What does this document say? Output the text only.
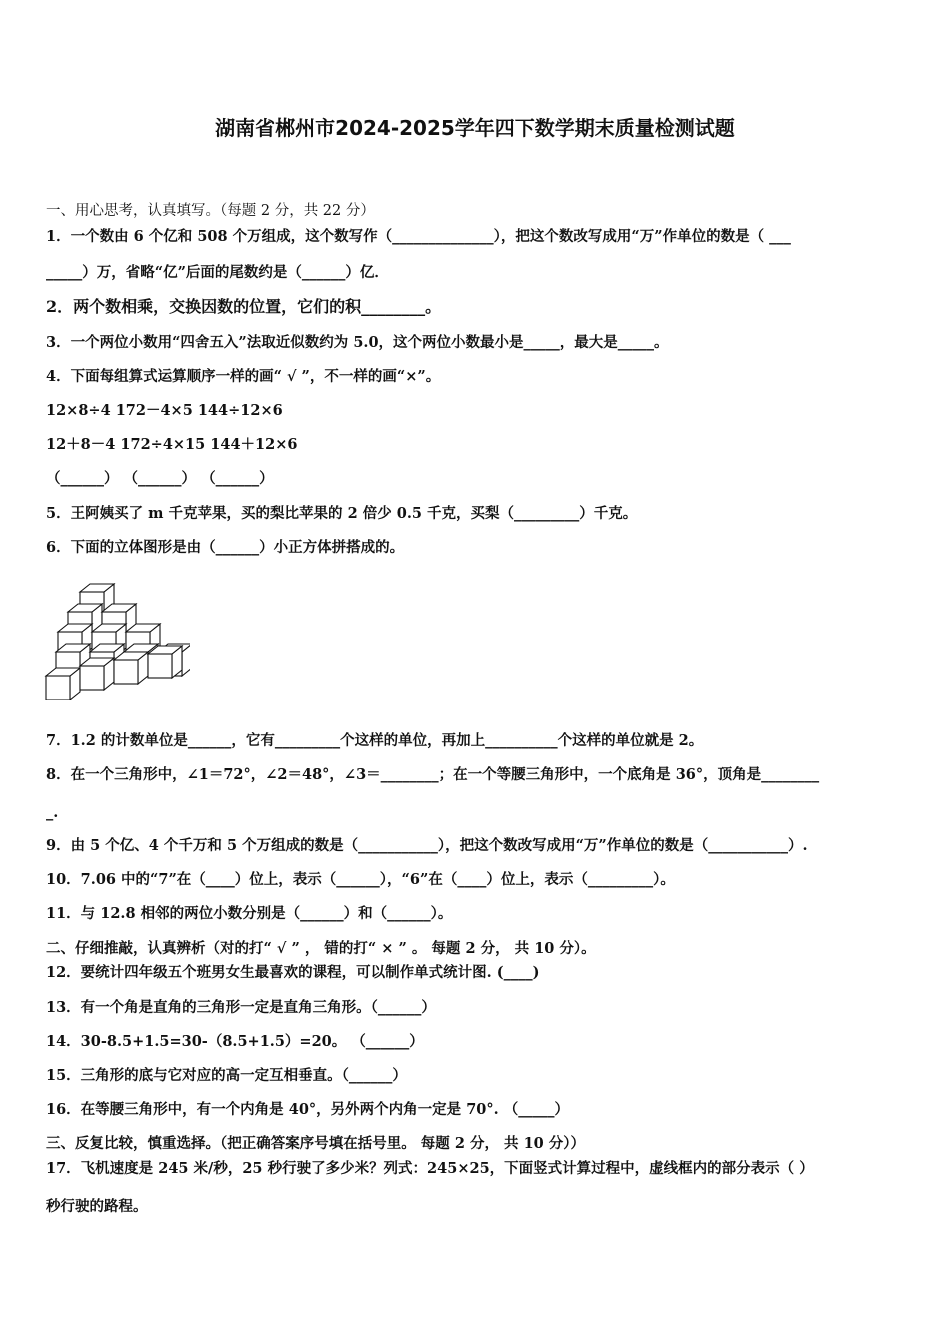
湖南省郴州市2024-2025学年四下数学期末质量检测试题
一、用心思考，认真填写。（每题 2 分，共 22 分）
1．一个数由 6 个亿和 508 个万组成，这个数写作（______________），把这个数改写成用“万”作单位的数是（ ___
_____）万，省略“亿”后面的尾数约是（______）亿．
2．两个数相乘，交换因数的位置，它们的积________。
3．一个两位小数用“四舍五入”法取近似数约为 5.0，这个两位小数最小是_____，最大是_____。
4．下面每组算式运算顺序一样的画“ √ ”，不一样的画“×”。
12×8÷4 172－4×5 144÷12×6
12＋8－4 172÷4×15 144＋12×6
（______） （______） （______）
5．王阿姨买了 m 千克苹果，买的梨比苹果的 2 倍少 0.5 千克，买梨（_________）千克。
6．下面的立体图形是由（______）小正方体拼搭成的。
7．1.2 的计数单位是______，它有_________个这样的单位，再加上__________个这样的单位就是 2。
8．在一个三角形中，∠1＝72°，∠2＝48°，∠3＝________；在一个等腰三角形中，一个底角是 36°，顶角是________
_.
9．由 5 个亿、4 个千万和 5 个万组成的数是（___________），把这个数改写成用“万”作单位的数是（___________）.
10．7.06 中的“7”在（____）位上，表示（______），“6”在（____）位上，表示（_________）。
11．与 12.8 相邻的两位小数分别是（______）和（______）。
二、仔细推敲，认真辨析（对的打“ √ ” ， 错的打“ × ” 。 每题 2 分， 共 10 分）。
12．要统计四年级五个班男女生最喜欢的课程，可以制作单式统计图. (____)
13．有一个角是直角的三角形一定是直角三角形。（______）
14．30-8.5+1.5=30-（8.5+1.5）=20。 （______）
15．三角形的底与它对应的高一定互相垂直。（______）
16．在等腰三角形中，有一个内角是 40°，另外两个内角一定是 70°. （_____）
三、反复比较，慎重选择。（把正确答案序号填在括号里。 每题 2 分， 共 10 分））
17．飞机速度是 245 米/秒，25 秒行驶了多少米？列式：245×25，下面竖式计算过程中，虚线框内的部分表示（ ）
秒行驶的路程。
